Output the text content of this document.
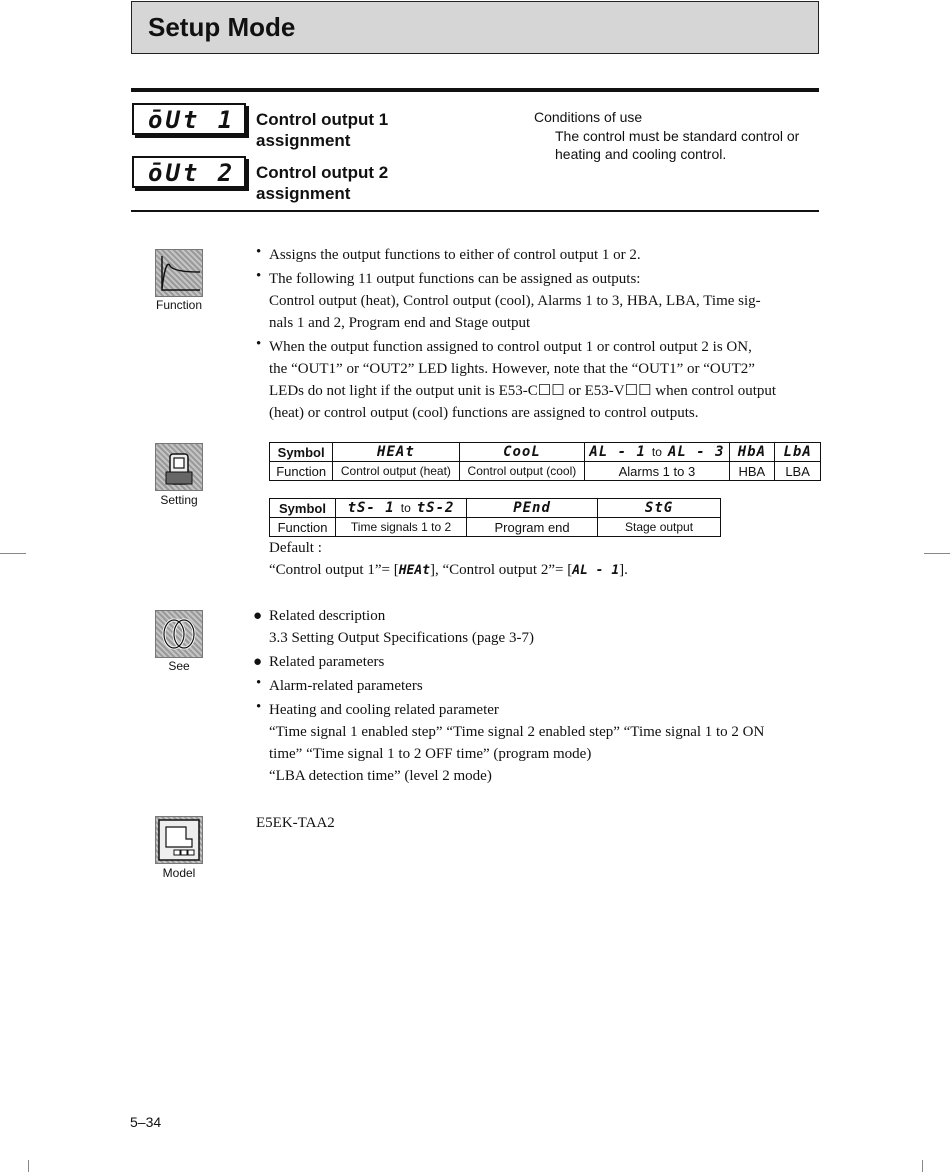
Setup Mode
ōUt 1 Control output 1 assignment
ōUt 2 Control output 2 assignment
Conditions of use
The control must be standard control or heating and cooling control.
Function
• Assigns the output functions to either of control output 1 or 2.
• The following 11 output functions can be assigned as outputs:
Control output (heat), Control output (cool), Alarms 1 to 3, HBA, LBA, Time sig-
nals 1 and 2, Program end and Stage output
• When the output function assigned to control output 1 or control output 2 is ON,
the “OUT1” or “OUT2” LED lights. However, note that the “OUT1” or “OUT2”
LEDs do not light if the output unit is E53-C☐☐ or E53-V☐☐ when control output
(heat) or control output (cool) functions are assigned to control outputs.
Setting
Symbol	HEAt	CooL	AL - 1 to AL - 3	HbA	LbA
Function	Control output (heat)	Control output (cool)	Alarms 1 to 3	HBA	LBA
Symbol	tS- 1 to tS-2	PEnd	StG
Function	Time signals 1 to 2	Program end	Stage output
Default :
“Control output 1”= [HEAt], “Control output 2”= [AL - 1].
See
● Related description
3.3 Setting Output Specifications (page 3-7)
● Related parameters
• Alarm-related parameters
• Heating and cooling related parameter
“Time signal 1 enabled step” “Time signal 2 enabled step” “Time signal 1 to 2 ON
time” “Time signal 1 to 2 OFF time” (program mode)
“LBA detection time” (level 2 mode)
Model
E5EK-TAA2
5–34
